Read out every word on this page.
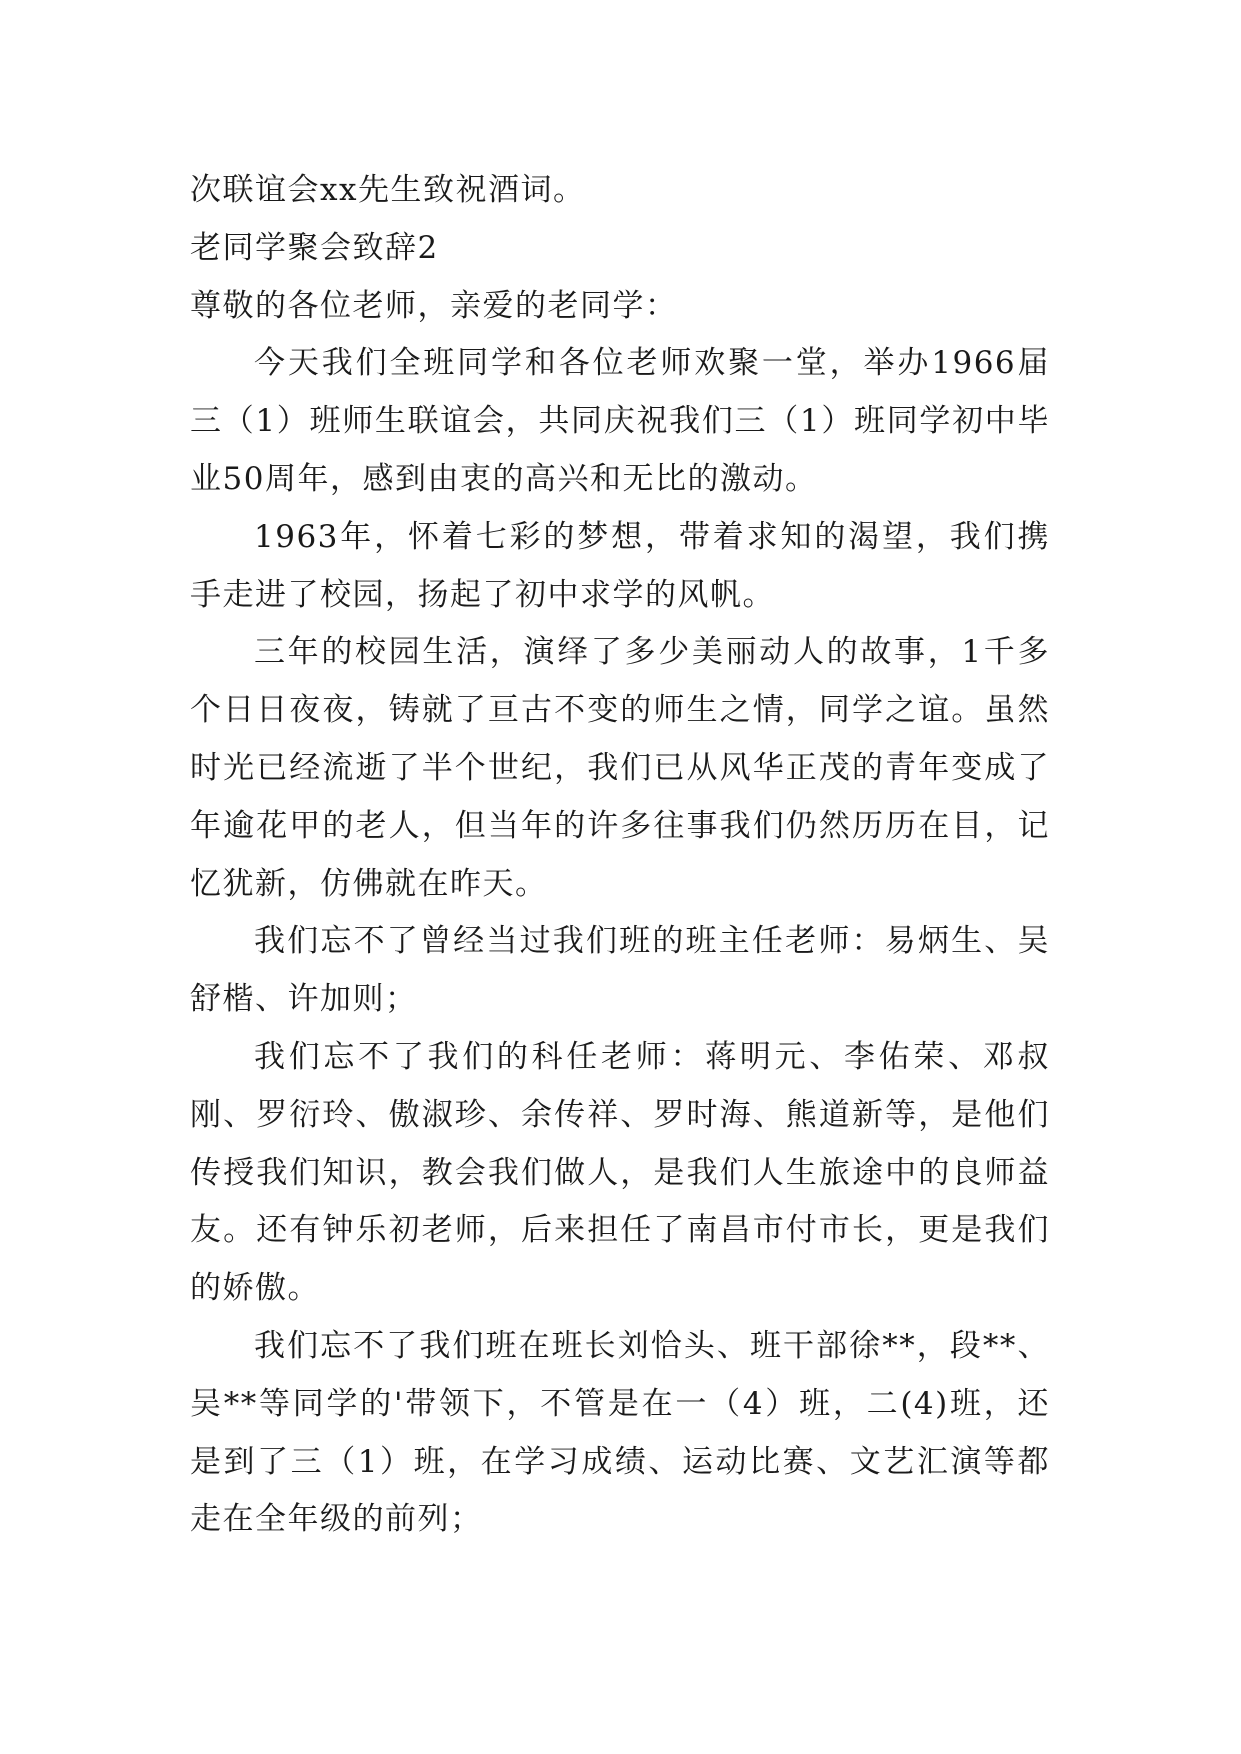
次联谊会xx先生致祝酒词。

老同学聚会致辞2

尊敬的各位老师，亲爱的老同学：

今天我们全班同学和各位老师欢聚一堂，举办1966届三（1）班师生联谊会，共同庆祝我们三（1）班同学初中毕业50周年，感到由衷的高兴和无比的激动。

1963年，怀着七彩的梦想，带着求知的渴望，我们携手走进了校园，扬起了初中求学的风帆。

三年的校园生活，演绎了多少美丽动人的故事，1千多个日日夜夜，铸就了亘古不变的师生之情，同学之谊。虽然时光已经流逝了半个世纪，我们已从风华正茂的青年变成了年逾花甲的老人，但当年的许多往事我们仍然历历在目，记忆犹新，仿佛就在昨天。

我们忘不了曾经当过我们班的班主任老师：易炳生、吴舒楷、许加则；

我们忘不了我们的科任老师：蒋明元、李佑荣、邓叔刚、罗衍玲、傲淑珍、余传祥、罗时海、熊道新等，是他们传授我们知识，教会我们做人，是我们人生旅途中的良师益友。还有钟乐初老师，后来担任了南昌市付市长，更是我们的娇傲。

我们忘不了我们班在班长刘恰头、班干部徐**，段**、吴**等同学的'带领下，不管是在一（4）班，二(4)班，还是到了三（1）班，在学习成绩、运动比赛、文艺汇演等都走在全年级的前列；
